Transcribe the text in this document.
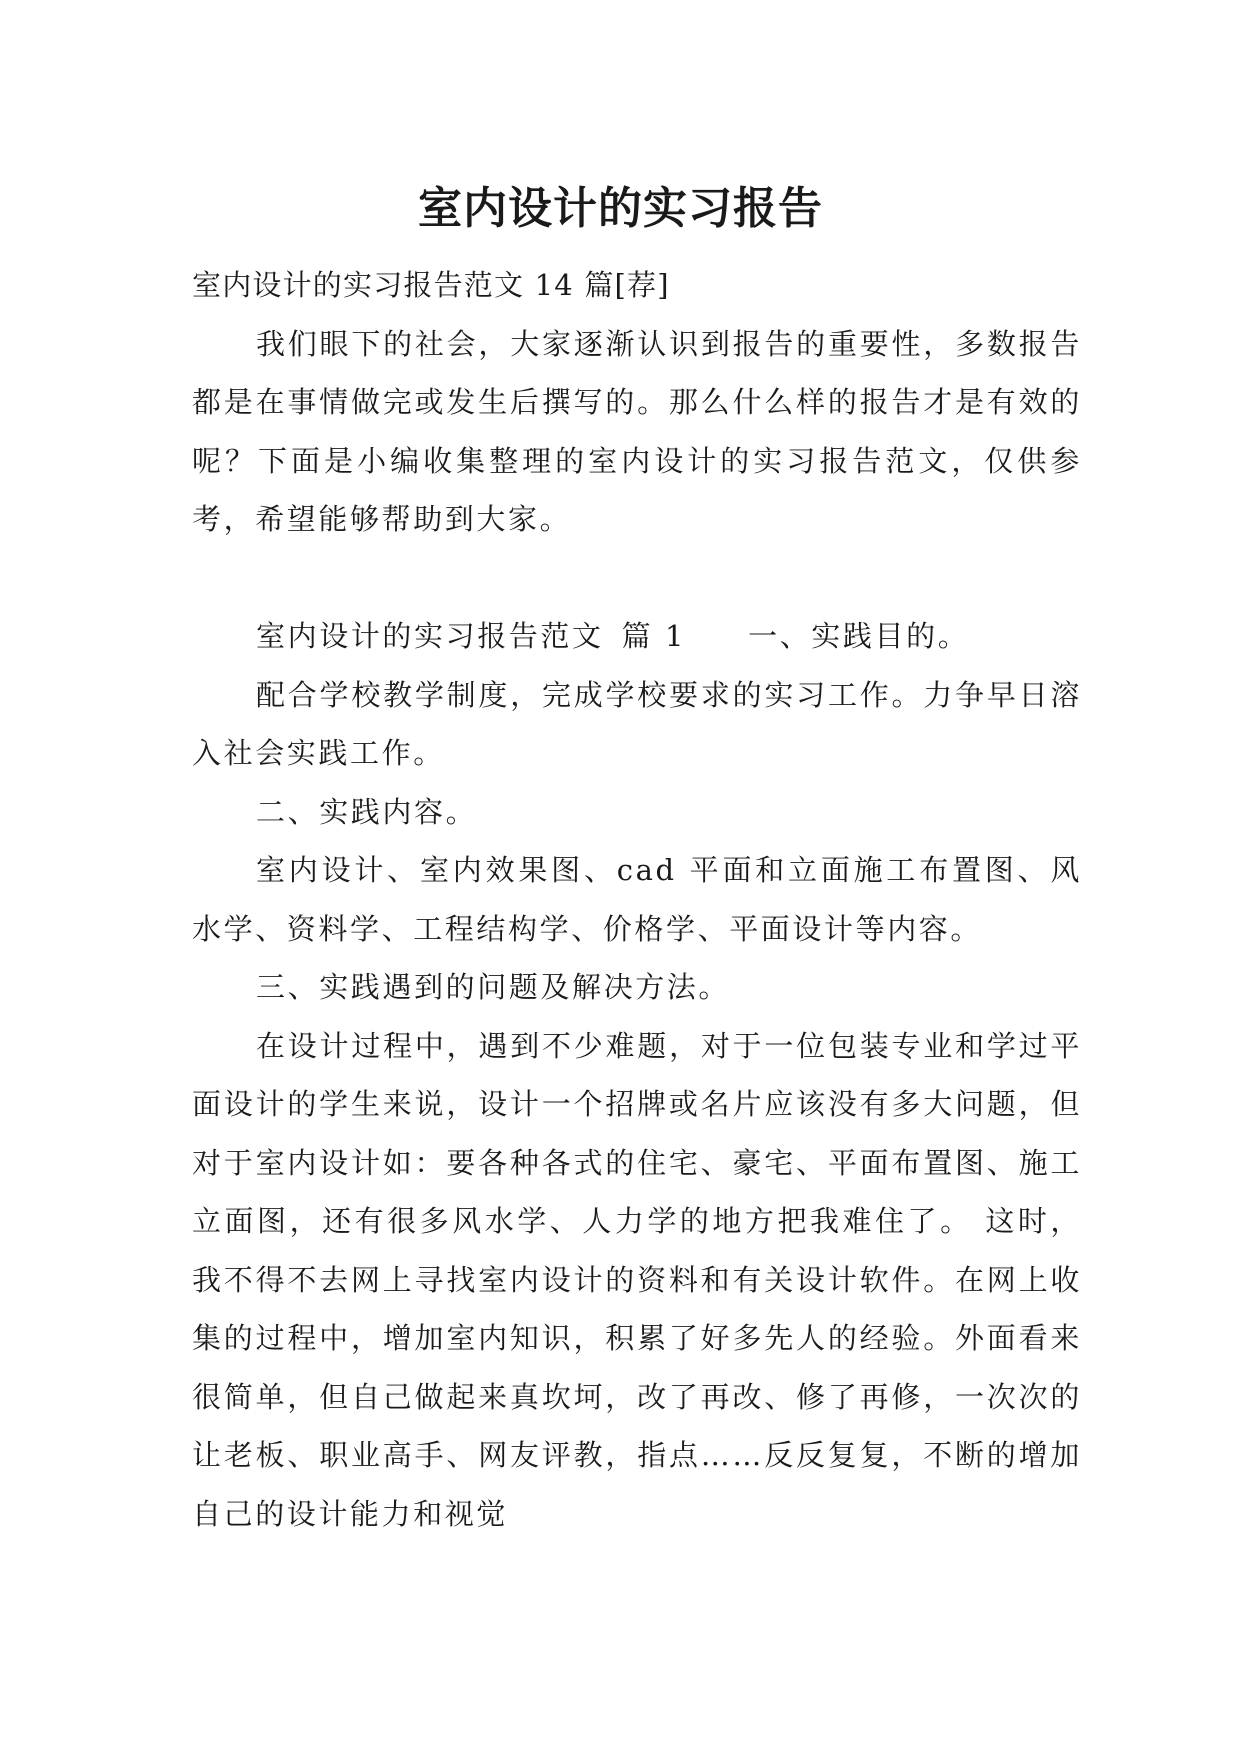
室内设计的实习报告

室内设计的实习报告范文 14 篇[荐]

我们眼下的社会，大家逐渐认识到报告的重要性，多数报告都是在事情做完或发生后撰写的。那么什么样的报告才是有效的呢？下面是小编收集整理的室内设计的实习报告范文，仅供参考，希望能够帮助到大家。

室内设计的实习报告范文 篇 1 一、实践目的。

配合学校教学制度，完成学校要求的实习工作。力争早日溶入社会实践工作。

二、实践内容。

室内设计、室内效果图、cad 平面和立面施工布置图、风水学、资料学、工程结构学、价格学、平面设计等内容。

三、实践遇到的问题及解决方法。

在设计过程中，遇到不少难题，对于一位包装专业和学过平面设计的学生来说，设计一个招牌或名片应该没有多大问题，但对于室内设计如：要各种各式的住宅、豪宅、平面布置图、施工立面图，还有很多风水学、人力学的地方把我难住了。 这时，我不得不去网上寻找室内设计的资料和有关设计软件。在网上收集的过程中，增加室内知识，积累了好多先人的经验。外面看来很简单，但自己做起来真坎坷，改了再改、修了再修，一次次的让老板、职业高手、网友评教，指点……反反复复，不断的增加自己的设计能力和视觉
